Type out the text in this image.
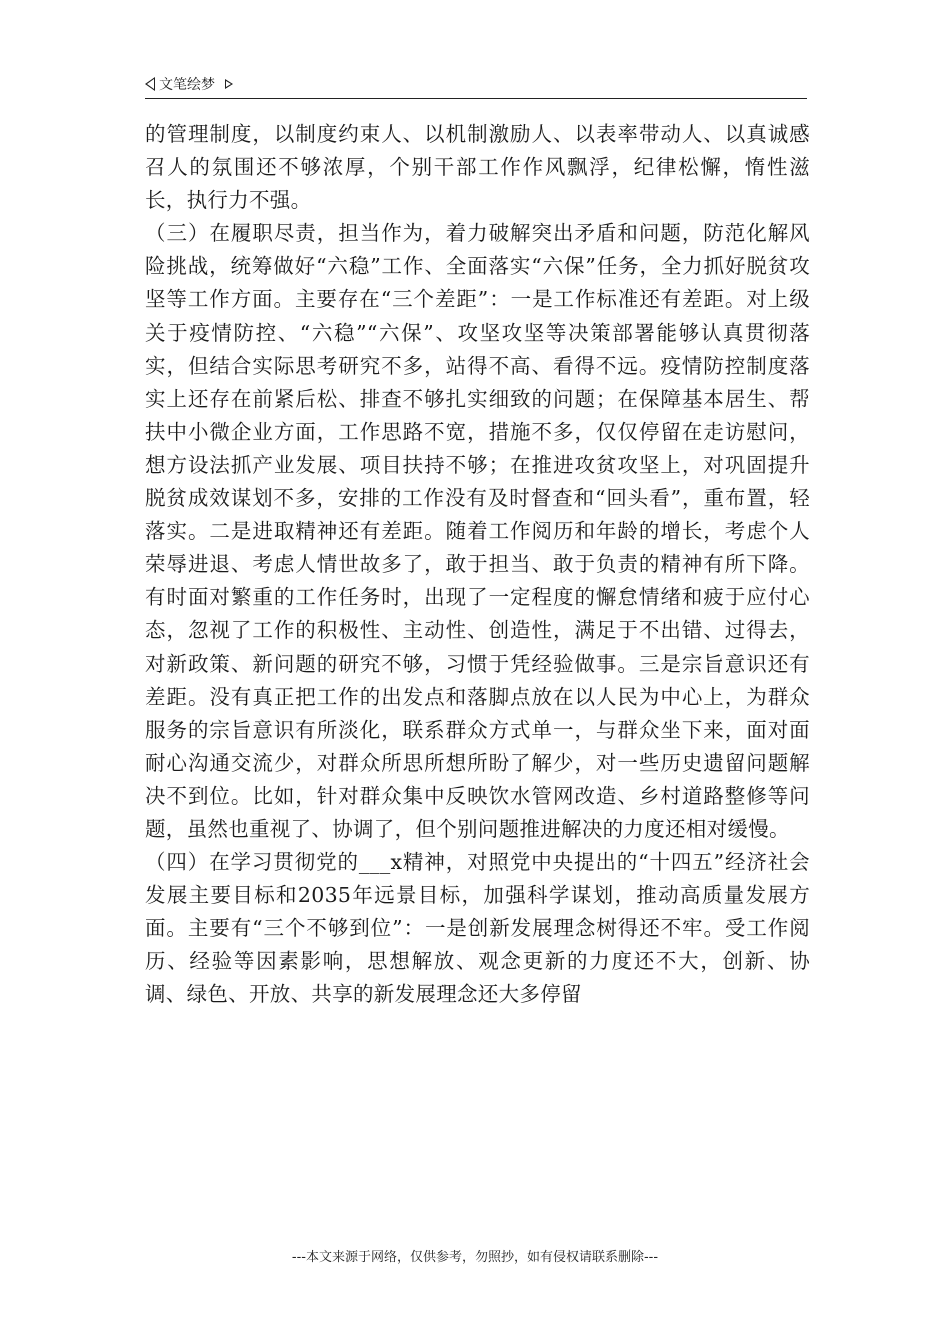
文笔绘梦

的管理制度，以制度约束人、以机制激励人、以表率带动人、以真诚感召人的氛围还不够浓厚，个别干部工作作风飘浮，纪律松懈，惰性滋长，执行力不强。

（三）在履职尽责，担当作为，着力破解突出矛盾和问题，防范化解风险挑战，统筹做好“六稳”工作、全面落实“六保”任务，全力抓好脱贫攻坚等工作方面。主要存在“三个差距”：一是工作标准还有差距。对上级关于疫情防控、“六稳”“六保”、攻坚攻坚等决策部署能够认真贯彻落实，但结合实际思考研究不多，站得不高、看得不远。疫情防控制度落实上还存在前紧后松、排查不够扎实细致的问题；在保障基本居生、帮扶中小微企业方面，工作思路不宽，措施不多，仅仅停留在走访慰问，想方设法抓产业发展、项目扶持不够；在推进攻贫攻坚上，对巩固提升脱贫成效谋划不多，安排的工作没有及时督查和“回头看”，重布置，轻落实。二是进取精神还有差距。随着工作阅历和年龄的增长，考虑个人荣辱进退、考虑人情世故多了，敢于担当、敢于负责的精神有所下降。有时面对繁重的工作任务时，出现了一定程度的懈怠情绪和疲于应付心态，忽视了工作的积极性、主动性、创造性，满足于不出错、过得去，对新政策、新问题的研究不够，习惯于凭经验做事。三是宗旨意识还有差距。没有真正把工作的出发点和落脚点放在以人民为中心上，为群众服务的宗旨意识有所淡化，联系群众方式单一，与群众坐下来，面对面耐心沟通交流少，对群众所思所想所盼了解少，对一些历史遗留问题解决不到位。比如，针对群众集中反映饮水管网改造、乡村道路整修等问题，虽然也重视了、协调了，但个别问题推进解决的力度还相对缓慢。

（四）在学习贯彻党的___x精神，对照党中央提出的“十四五”经济社会发展主要目标和2035年远景目标，加强科学谋划，推动高质量发展方面。主要有“三个不够到位”：一是创新发展理念树得还不牢。受工作阅历、经验等因素影响，思想解放、观念更新的力度还不大，创新、协调、绿色、开放、共享的新发展理念还大多停留

---本文来源于网络，仅供参考，勿照抄，如有侵权请联系删除---
